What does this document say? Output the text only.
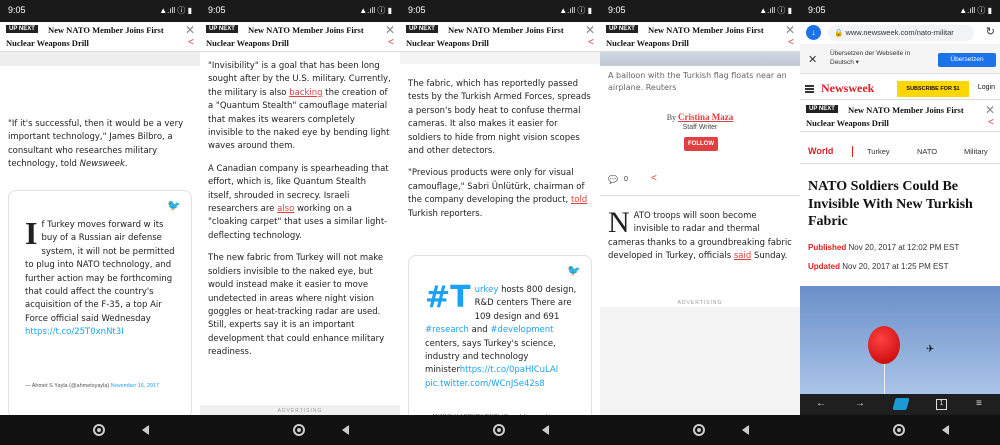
9:05	▲.ıll ⓘ ▮
UP NEXT	New NATO Member Joins First Nuclear Weapons Drill
✕
<

"If it's successful, then it would be a very important technology," James Bilbro, a consultant who researches military technology, told Newsweek.

🐦
If Turkey moves forward w its buy of a Russian air defense system, it will not be permitted to plug into NATO technology, and further action may be forthcoming that could affect the country's acquisition of the F-35, a top Air Force official said Wednesday
https://t.co/25T0xnNt3I
— Ahmet S Yayla (@ahmetsyayla) November 16, 2017
9:05	▲.ıll ⓘ ▮
UP NEXT	New NATO Member Joins First Nuclear Weapons Drill
✕
<

"Invisibility" is a goal that has been long sought after by the U.S. military. Currently, the military is also backing the creation of a "Quantum Stealth" camouflage material that makes its wearers completely invisible to the naked eye by bending light waves around them.

A Canadian company is spearheading that effort, which is, like Quantum Stealth itself, shrouded in secrecy. Israeli researchers are also working on a "cloaking carpet" that uses a similar light-deflecting technology.

The new fabric from Turkey will not make soldiers invisible to the naked eye, but would instead make it easier to move undetected in areas where night vision goggles or heat-tracking radar are used. Still, experts say it is an important development that could enhance military readiness.

ADVERTISING
9:05	▲.ıll ⓘ ▮
UP NEXT	New NATO Member Joins First Nuclear Weapons Drill
✕
<

The fabric, which has reportedly passed tests by the Turkish Armed Forces, spreads a person's body heat to confuse thermal cameras. It also makes it easier for soldiers to hide from night vision scopes and other detectors.

"Previous products were only for visual camouflage," Sabri Ünlütürk, chairman of the company developing the product, told Turkish reporters.

🐦
#T urkey hosts 800 design, R&D centers There are 109 design and 691 #research and #development centers, says Turkey's science, industry and technology ministerhttps://t.co/0paHlCuLAl
pic.twitter.com/WCnJSe42s8
9:05	▲.ıll ⓘ ▮
UP NEXT	New NATO Member Joins First Nuclear Weapons Drill
✕
<
A balloon with the Turkish flag floats near an airplane. Reuters
By Cristina Maza
Staff Writer
FOLLOW
💬 0 <

NATO troops will soon become invisible to radar and thermal cameras thanks to a groundbreaking fabric developed in Turkey, officials said Sunday.

ADVERTISING
9:05	▲.ıll ⓘ ▮
↓	🔒 www.newsweek.com/nato-militar	↻
✕
Übersetzen der Webseite in
Deutsch ▾	Übersetzen
Newsweek	SUBSCRIBE FOR $1	Login
UP NEXT	New NATO Member Joins First Nuclear Weapons Drill
✕
<
World	Turkey	NATO	Military
NATO Soldiers Could Be Invisible With New Turkish Fabric
Published Nov 20, 2017 at 12:02 PM EST
Updated Nov 20, 2017 at 1:25 PM EST
✈
←	→	1	≡
